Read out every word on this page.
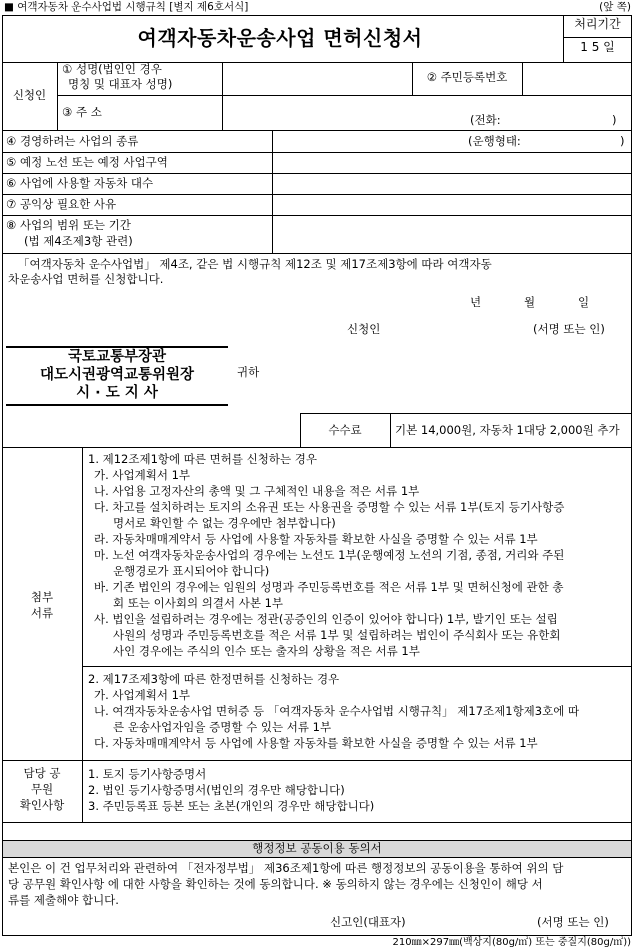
■ 여객자동차 운수사업법 시행규칙 [별지 제6호서식]	(앞 쪽)
여객자동차운송사업 면허신청서
처리기간
1 5 일
신청인
① 성명(법인인 경우
명칭 및 대표자 성명)	② 주민등록번호
③ 주 소
(전화:	)
④ 경영하려는 사업의 종류	(운행형태:	)
⑤ 예정 노선 또는 예정 사업구역
⑥ 사업에 사용할 자동차 대수
⑦ 공익상 필요한 사유
⑧ 사업의 범위 또는 기간
(법 제4조제3항 관련)
「여객자동차 운수사업법」 제4조, 같은 법 시행규칙 제12조 및 제17조제3항에 따라 여객자동
차운송사업 면허를 신청합니다.
년	월	일
신청인	(서명 또는 인)
국토교통부장관
대도시권광역교통위원장
시 · 도 지 사
귀하
수수료	기본 14,000원, 자동차 1대당 2,000원 추가
첨부
서류
1. 제12조제1항에 따른 면허를 신청하는 경우
가. 사업계획서 1부
나. 사업용 고정자산의 총액 및 그 구체적인 내용을 적은 서류 1부
다. 차고를 설치하려는 토지의 소유권 또는 사용권을 증명할 수 있는 서류 1부(토지 등기사항증
명서로 확인할 수 없는 경우에만 첨부합니다)
라. 자동차매매계약서 등 사업에 사용할 자동차를 확보한 사실을 증명할 수 있는 서류 1부
마. 노선 여객자동차운송사업의 경우에는 노선도 1부(운행예정 노선의 기점, 종점, 거리와 주된
운행경로가 표시되어야 합니다)
바. 기존 법인의 경우에는 임원의 성명과 주민등록번호를 적은 서류 1부 및 면허신청에 관한 총
회 또는 이사회의 의결서 사본 1부
사. 법인을 설립하려는 경우에는 정관(공증인의 인증이 있어야 합니다) 1부, 발기인 또는 설립
사원의 성명과 주민등록번호를 적은 서류 1부 및 설립하려는 법인이 주식회사 또는 유한회
사인 경우에는 주식의 인수 또는 출자의 상황을 적은 서류 1부
2. 제17조제3항에 따른 한정면허를 신청하는 경우
가. 사업계획서 1부
나. 여객자동차운송사업 면허증 등 「여객자동차 운수사업법 시행규칙」 제17조제1항제3호에 따
른 운송사업자임을 증명할 수 있는 서류 1부
다. 자동차매매계약서 등 사업에 사용할 자동차를 확보한 사실을 증명할 수 있는 서류 1부
담당 공
무원
확인사항
1. 토지 등기사항증명서
2. 법인 등기사항증명서(법인의 경우만 해당합니다)
3. 주민등록표 등본 또는 초본(개인의 경우만 해당합니다)
행정정보 공동이용 동의서
본인은 이 건 업무처리와 관련하여 「전자정부법」 제36조제1항에 따른 행정정보의 공동이용을 통하여 위의 담
당 공무원 확인사항 에 대한 사항을 확인하는 것에 동의합니다. ※ 동의하지 않는 경우에는 신청인이 해당 서
류를 제출해야 합니다.
신고인(대표자)	(서명 또는 인)
210㎜×297㎜(백상지(80g/㎡) 또는 중질지(80g/㎡))
